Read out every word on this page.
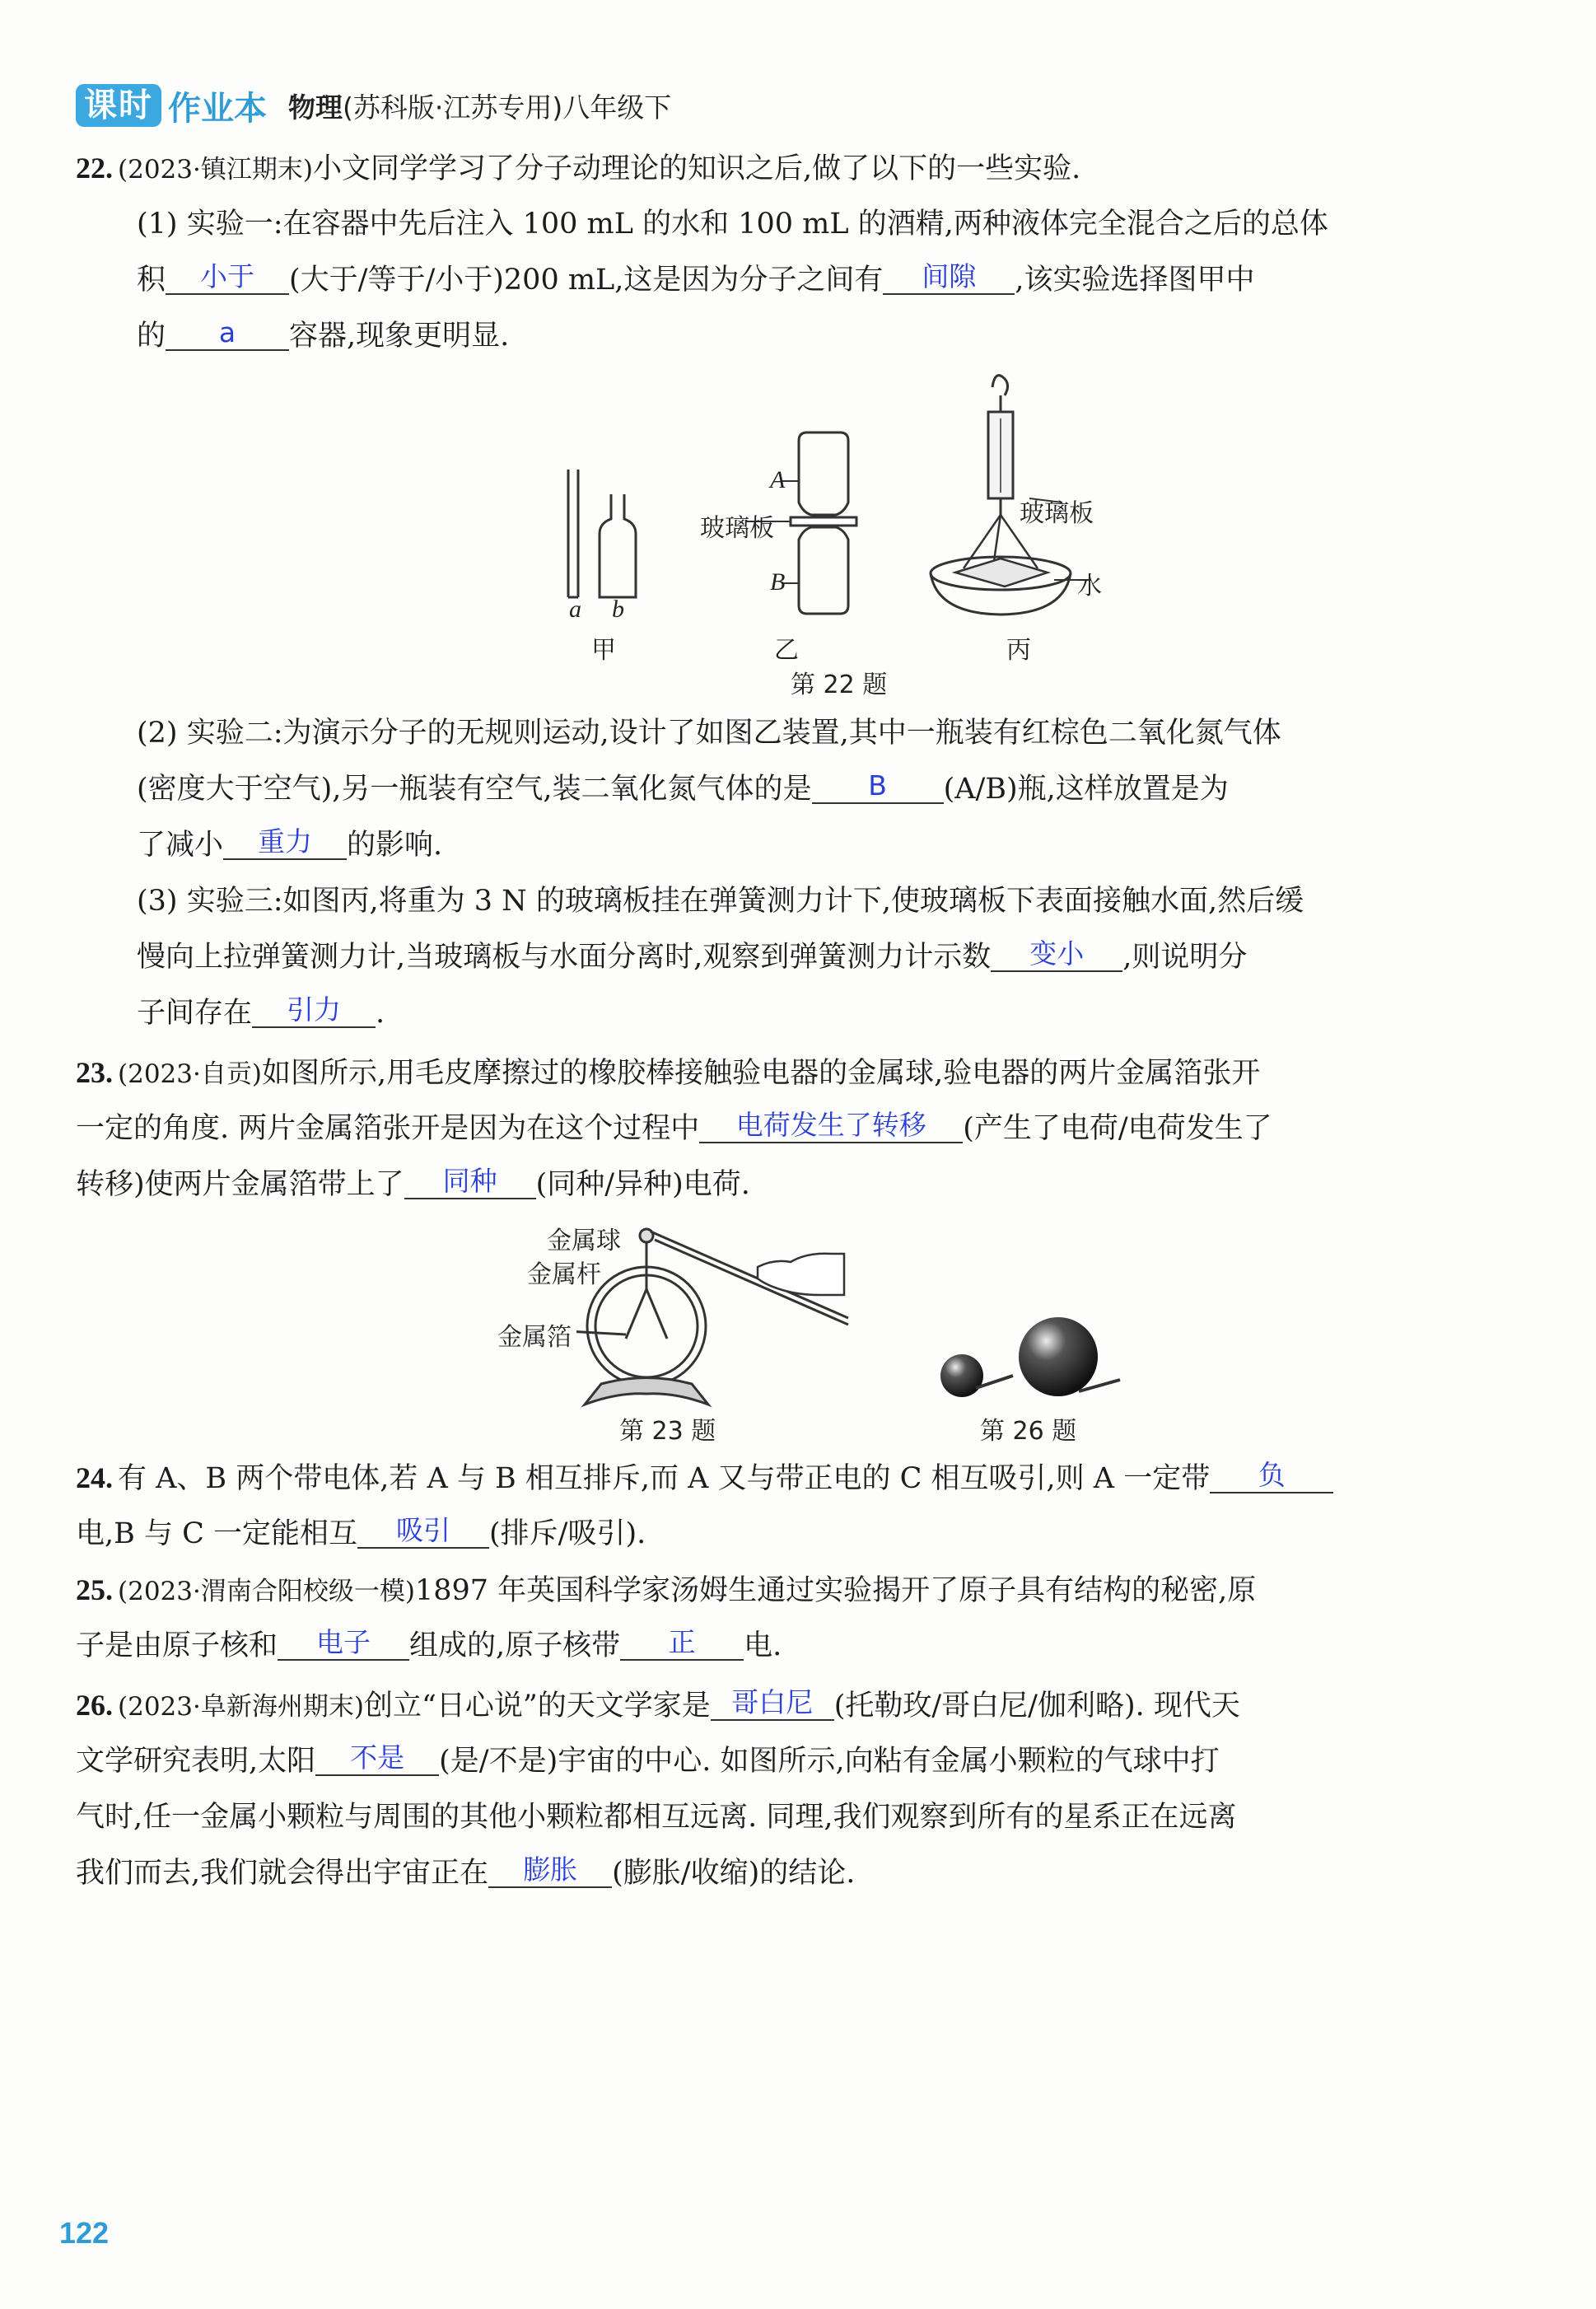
课时 作业本 物理(苏科版·江苏专用)八年级下
22. (2023·镇江期末)小文同学学习了分子动理论的知识之后,做了以下的一些实验.
(1) 实验一:在容器中先后注入 100 mL 的水和 100 mL 的酒精,两种液体完全混合之后的总体
积 小于 (大于/等于/小于)200 mL,这是因为分子之间有 间隙 ,该实验选择图甲中
的 a 容器,现象更明显.
a b
甲
A
B
玻璃板
乙
玻璃板
水
丙
第 22 题
(2) 实验二:为演示分子的无规则运动,设计了如图乙装置,其中一瓶装有红棕色二氧化氮气体
(密度大于空气),另一瓶装有空气,装二氧化氮气体的是 B (A/B)瓶,这样放置是为
了减小 重力 的影响.
(3) 实验三:如图丙,将重为 3 N 的玻璃板挂在弹簧测力计下,使玻璃板下表面接触水面,然后缓
慢向上拉弹簧测力计,当玻璃板与水面分离时,观察到弹簧测力计示数 变小 ,则说明分
子间存在 引力 .
23. (2023·自贡)如图所示,用毛皮摩擦过的橡胶棒接触验电器的金属球,验电器的两片金属箔张开
一定的角度. 两片金属箔张开是因为在这个过程中 电荷发生了转移 (产生了电荷/电荷发生了
转移)使两片金属箔带上了 同种 (同种/异种)电荷.
金属球
金属杆
金属箔
第 23 题	第 26 题
24. 有 A、B 两个带电体,若 A 与 B 相互排斥,而 A 又与带正电的 C 相互吸引,则 A 一定带 负
电,B 与 C 一定能相互 吸引 (排斥/吸引).
25. (2023·渭南合阳校级一模)1897 年英国科学家汤姆生通过实验揭开了原子具有结构的秘密,原
子是由原子核和 电子 组成的,原子核带 正 电.
26. (2023·阜新海州期末)创立“日心说”的天文学家是 哥白尼 (托勒玫/哥白尼/伽利略). 现代天
文学研究表明,太阳 不是 (是/不是)宇宙的中心. 如图所示,向粘有金属小颗粒的气球中打
气时,任一金属小颗粒与周围的其他小颗粒都相互远离. 同理,我们观察到所有的星系正在远离
我们而去,我们就会得出宇宙正在 膨胀 (膨胀/收缩)的结论.
122
